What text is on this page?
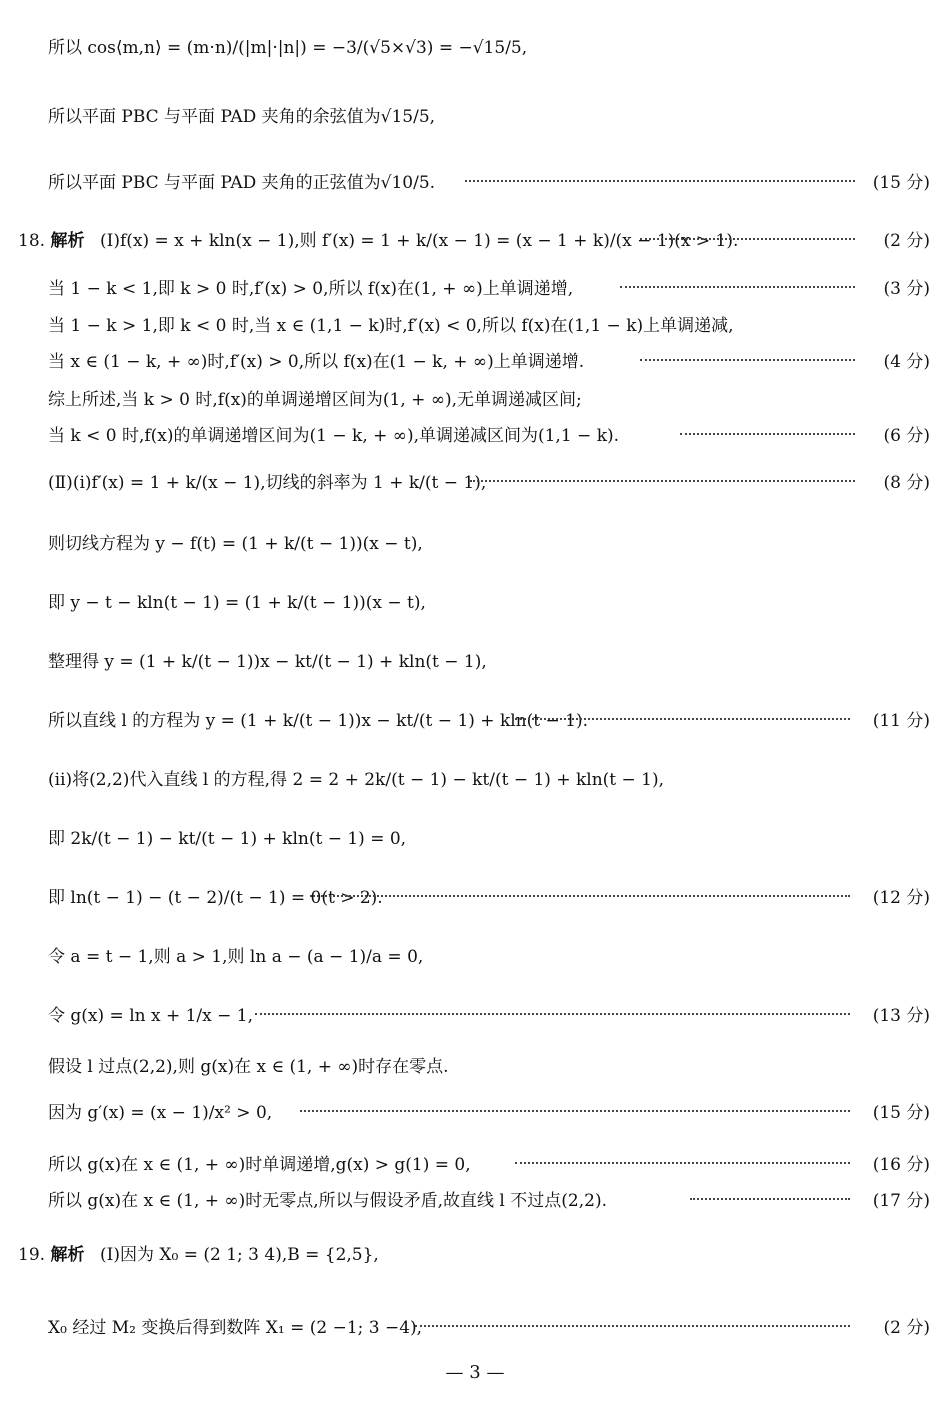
所以 cos⟨m,n⟩ = (m·n)/(|m|·|n|) = −3/(√5×√3) = −√15/5,
所以平面 PBC 与平面 PAD 夹角的余弦值为√15/5,
所以平面 PBC 与平面 PAD 夹角的正弦值为√10/5.	(15 分)
18. 解析 (Ⅰ)f(x) = x + kln(x − 1),则 f′(x) = 1 + k/(x − 1) = (x − 1 + k)/(x − 1)(x > 1).	(2 分)
当 1 − k < 1,即 k > 0 时,f′(x) > 0,所以 f(x)在(1, + ∞)上单调递增,	(3 分)
当 1 − k > 1,即 k < 0 时,当 x ∈ (1,1 − k)时,f′(x) < 0,所以 f(x)在(1,1 − k)上单调递减,
当 x ∈ (1 − k, + ∞)时,f′(x) > 0,所以 f(x)在(1 − k, + ∞)上单调递增.	(4 分)
综上所述,当 k > 0 时,f(x)的单调递增区间为(1, + ∞),无单调递减区间;
当 k < 0 时,f(x)的单调递增区间为(1 − k, + ∞),单调递减区间为(1,1 − k).	(6 分)
(Ⅱ)(ⅰ)f′(x) = 1 + k/(x − 1),切线的斜率为 1 + k/(t − 1),	(8 分)
则切线方程为 y − f(t) = (1 + k/(t − 1))(x − t),
即 y − t − kln(t − 1) = (1 + k/(t − 1))(x − t),
整理得 y = (1 + k/(t − 1))x − kt/(t − 1) + kln(t − 1),
所以直线 l 的方程为 y = (1 + k/(t − 1))x − kt/(t − 1) + kln(t − 1).	(11 分)
(ⅱ)将(2,2)代入直线 l 的方程,得 2 = 2 + 2k/(t − 1) − kt/(t − 1) + kln(t − 1),
即 2k/(t − 1) − kt/(t − 1) + kln(t − 1) = 0,
即 ln(t − 1) − (t − 2)/(t − 1) = 0(t > 2).	(12 分)
令 a = t − 1,则 a > 1,则 ln a − (a − 1)/a = 0,
令 g(x) = ln x + 1/x − 1,	(13 分)
假设 l 过点(2,2),则 g(x)在 x ∈ (1, + ∞)时存在零点.
因为 g′(x) = (x − 1)/x² > 0,	(15 分)
所以 g(x)在 x ∈ (1, + ∞)时单调递增,g(x) > g(1) = 0,	(16 分)
所以 g(x)在 x ∈ (1, + ∞)时无零点,所以与假设矛盾,故直线 l 不过点(2,2).	(17 分)
19. 解析 (Ⅰ)因为 X₀ = (2 1; 3 4),B = {2,5},
X₀ 经过 M₂ 变换后得到数阵 X₁ = (2 −1; 3 −4),	(2 分)
— 3 —
